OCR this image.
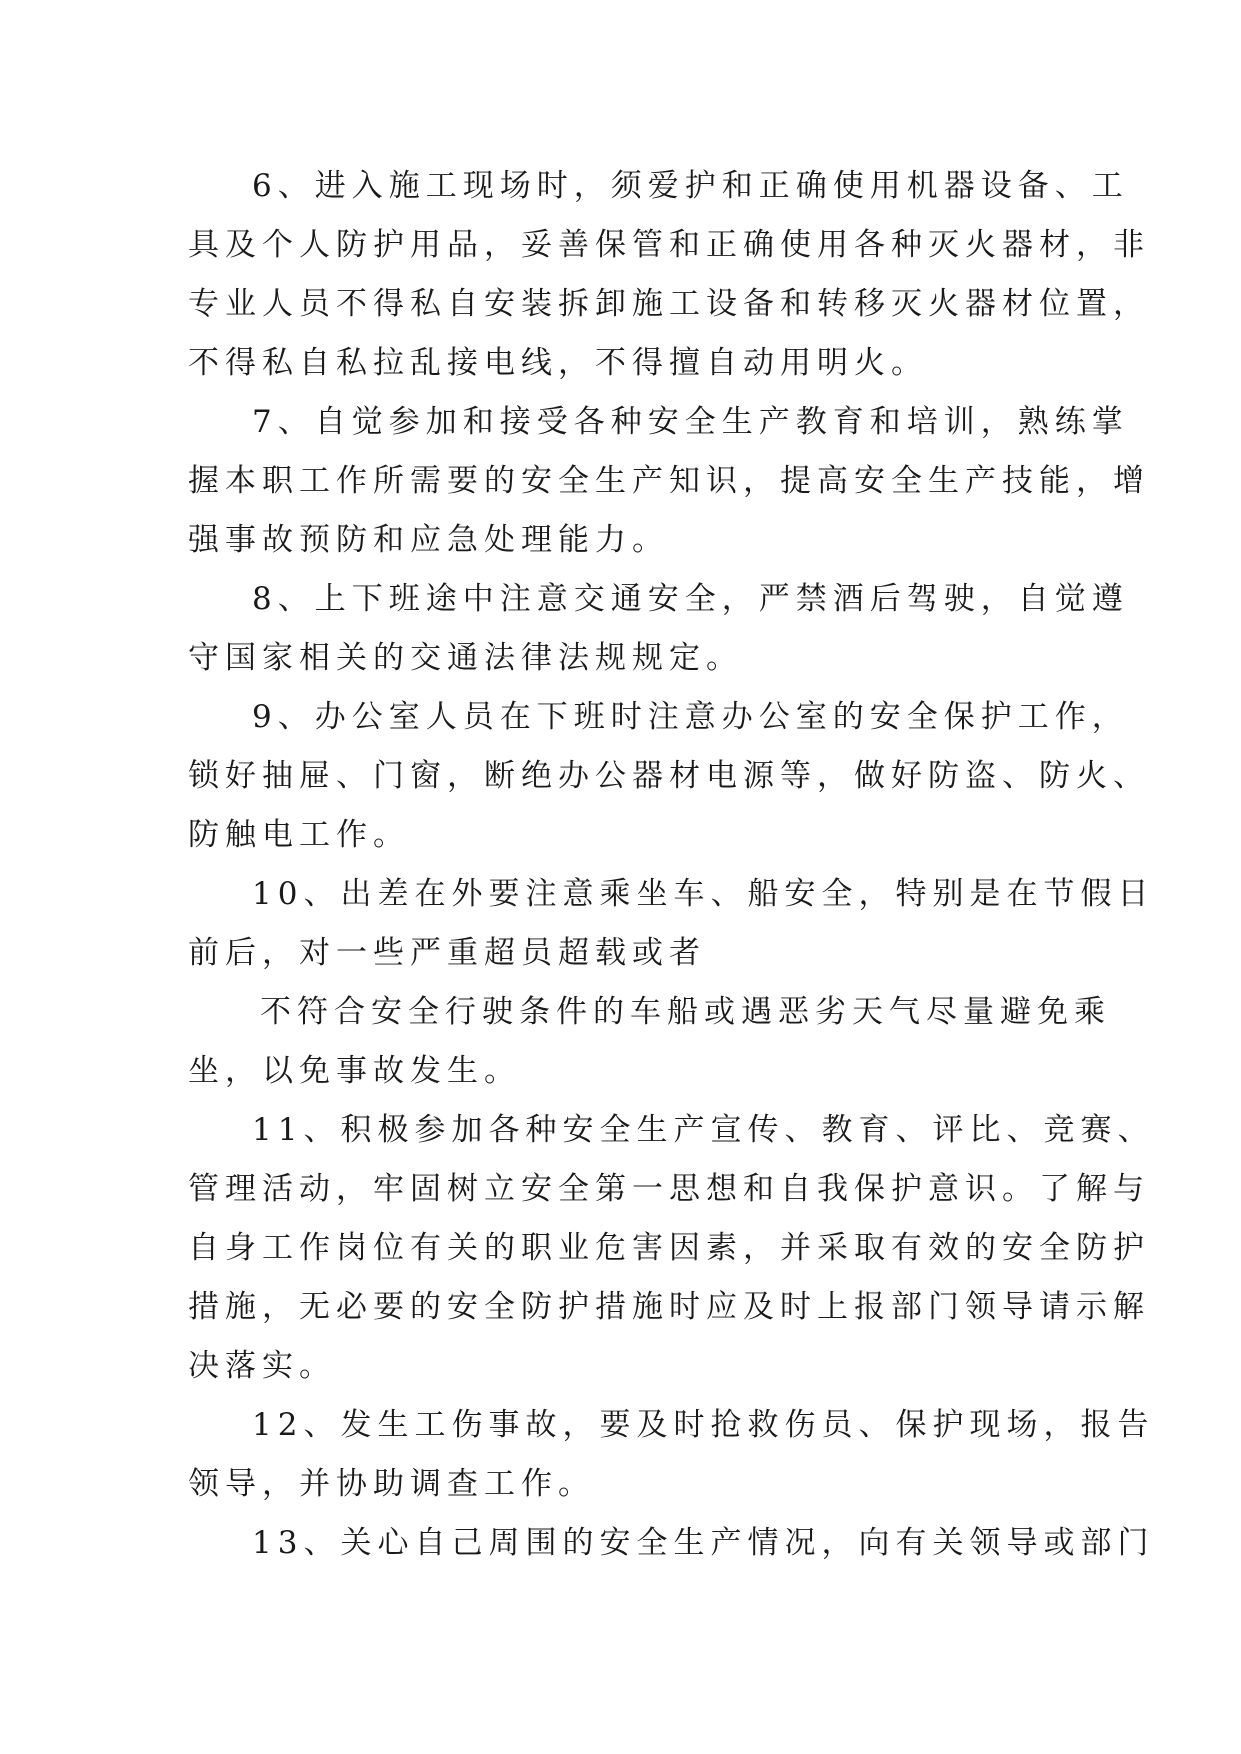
6、进入施工现场时，须爱护和正确使用机器设备、工
具及个人防护用品，妥善保管和正确使用各种灭火器材，非
专业人员不得私自安装拆卸施工设备和转移灭火器材位置，
不得私自私拉乱接电线，不得擅自动用明火。
7、自觉参加和接受各种安全生产教育和培训，熟练掌
握本职工作所需要的安全生产知识，提高安全生产技能，增
强事故预防和应急处理能力。
8、上下班途中注意交通安全，严禁酒后驾驶，自觉遵
守国家相关的交通法律法规规定。
9、办公室人员在下班时注意办公室的安全保护工作，
锁好抽屉、门窗，断绝办公器材电源等，做好防盗、防火、
防触电工作。
10、出差在外要注意乘坐车、船安全，特别是在节假日
前后，对一些严重超员超载或者
不符合安全行驶条件的车船或遇恶劣天气尽量避免乘
坐，以免事故发生。
11、积极参加各种安全生产宣传、教育、评比、竞赛、
管理活动，牢固树立安全第一思想和自我保护意识。了解与
自身工作岗位有关的职业危害因素，并采取有效的安全防护
措施，无必要的安全防护措施时应及时上报部门领导请示解
决落实。
12、发生工伤事故，要及时抢救伤员、保护现场，报告
领导，并协助调查工作。
13、关心自己周围的安全生产情况，向有关领导或部门
